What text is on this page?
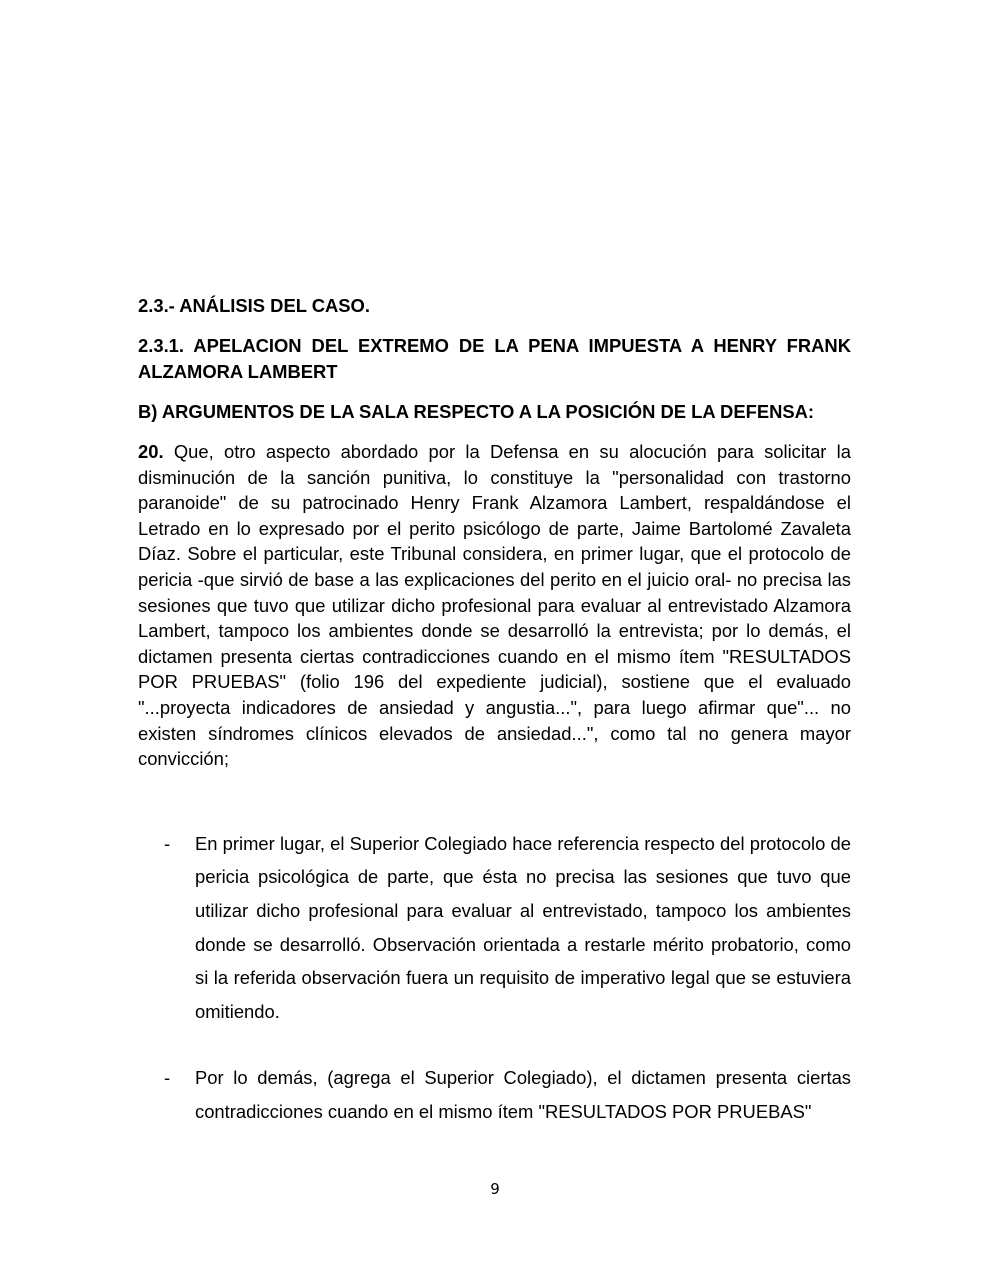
2.3.- ANÁLISIS DEL CASO.

2.3.1. APELACION DEL EXTREMO DE LA PENA IMPUESTA A HENRY FRANK ALZAMORA LAMBERT

B) ARGUMENTOS DE LA SALA RESPECTO A LA POSICIÓN DE LA DEFENSA:

20. Que, otro aspecto abordado por la Defensa en su alocución para solicitar la disminución de la sanción punitiva, lo constituye la "personalidad con trastorno paranoide" de su patrocinado Henry Frank Alzamora Lambert, respaldándose el Letrado en lo expresado por el perito psicólogo de parte, Jaime Bartolomé Zavaleta Díaz. Sobre el particular, este Tribunal considera, en primer lugar, que el protocolo de pericia -que sirvió de base a las explicaciones del perito en el juicio oral- no precisa las sesiones que tuvo que utilizar dicho profesional para evaluar al entrevistado Alzamora Lambert, tampoco los ambientes donde se desarrolló la entrevista; por lo demás, el dictamen presenta ciertas contradicciones cuando en el mismo ítem "RESULTADOS POR PRUEBAS" (folio 196 del expediente judicial), sostiene que el evaluado "...proyecta indicadores de ansiedad y angustia...", para luego afirmar que"... no existen síndromes clínicos elevados de ansiedad...", como tal no genera mayor convicción;

- En primer lugar, el Superior Colegiado hace referencia respecto del protocolo de pericia psicológica de parte, que ésta no precisa las sesiones que tuvo que utilizar dicho profesional para evaluar al entrevistado, tampoco los ambientes donde se desarrolló. Observación orientada a restarle mérito probatorio, como si la referida observación fuera un requisito de imperativo legal que se estuviera omitiendo.
- Por lo demás, (agrega el Superior Colegiado), el dictamen presenta ciertas contradicciones cuando en el mismo ítem "RESULTADOS POR PRUEBAS"
9
